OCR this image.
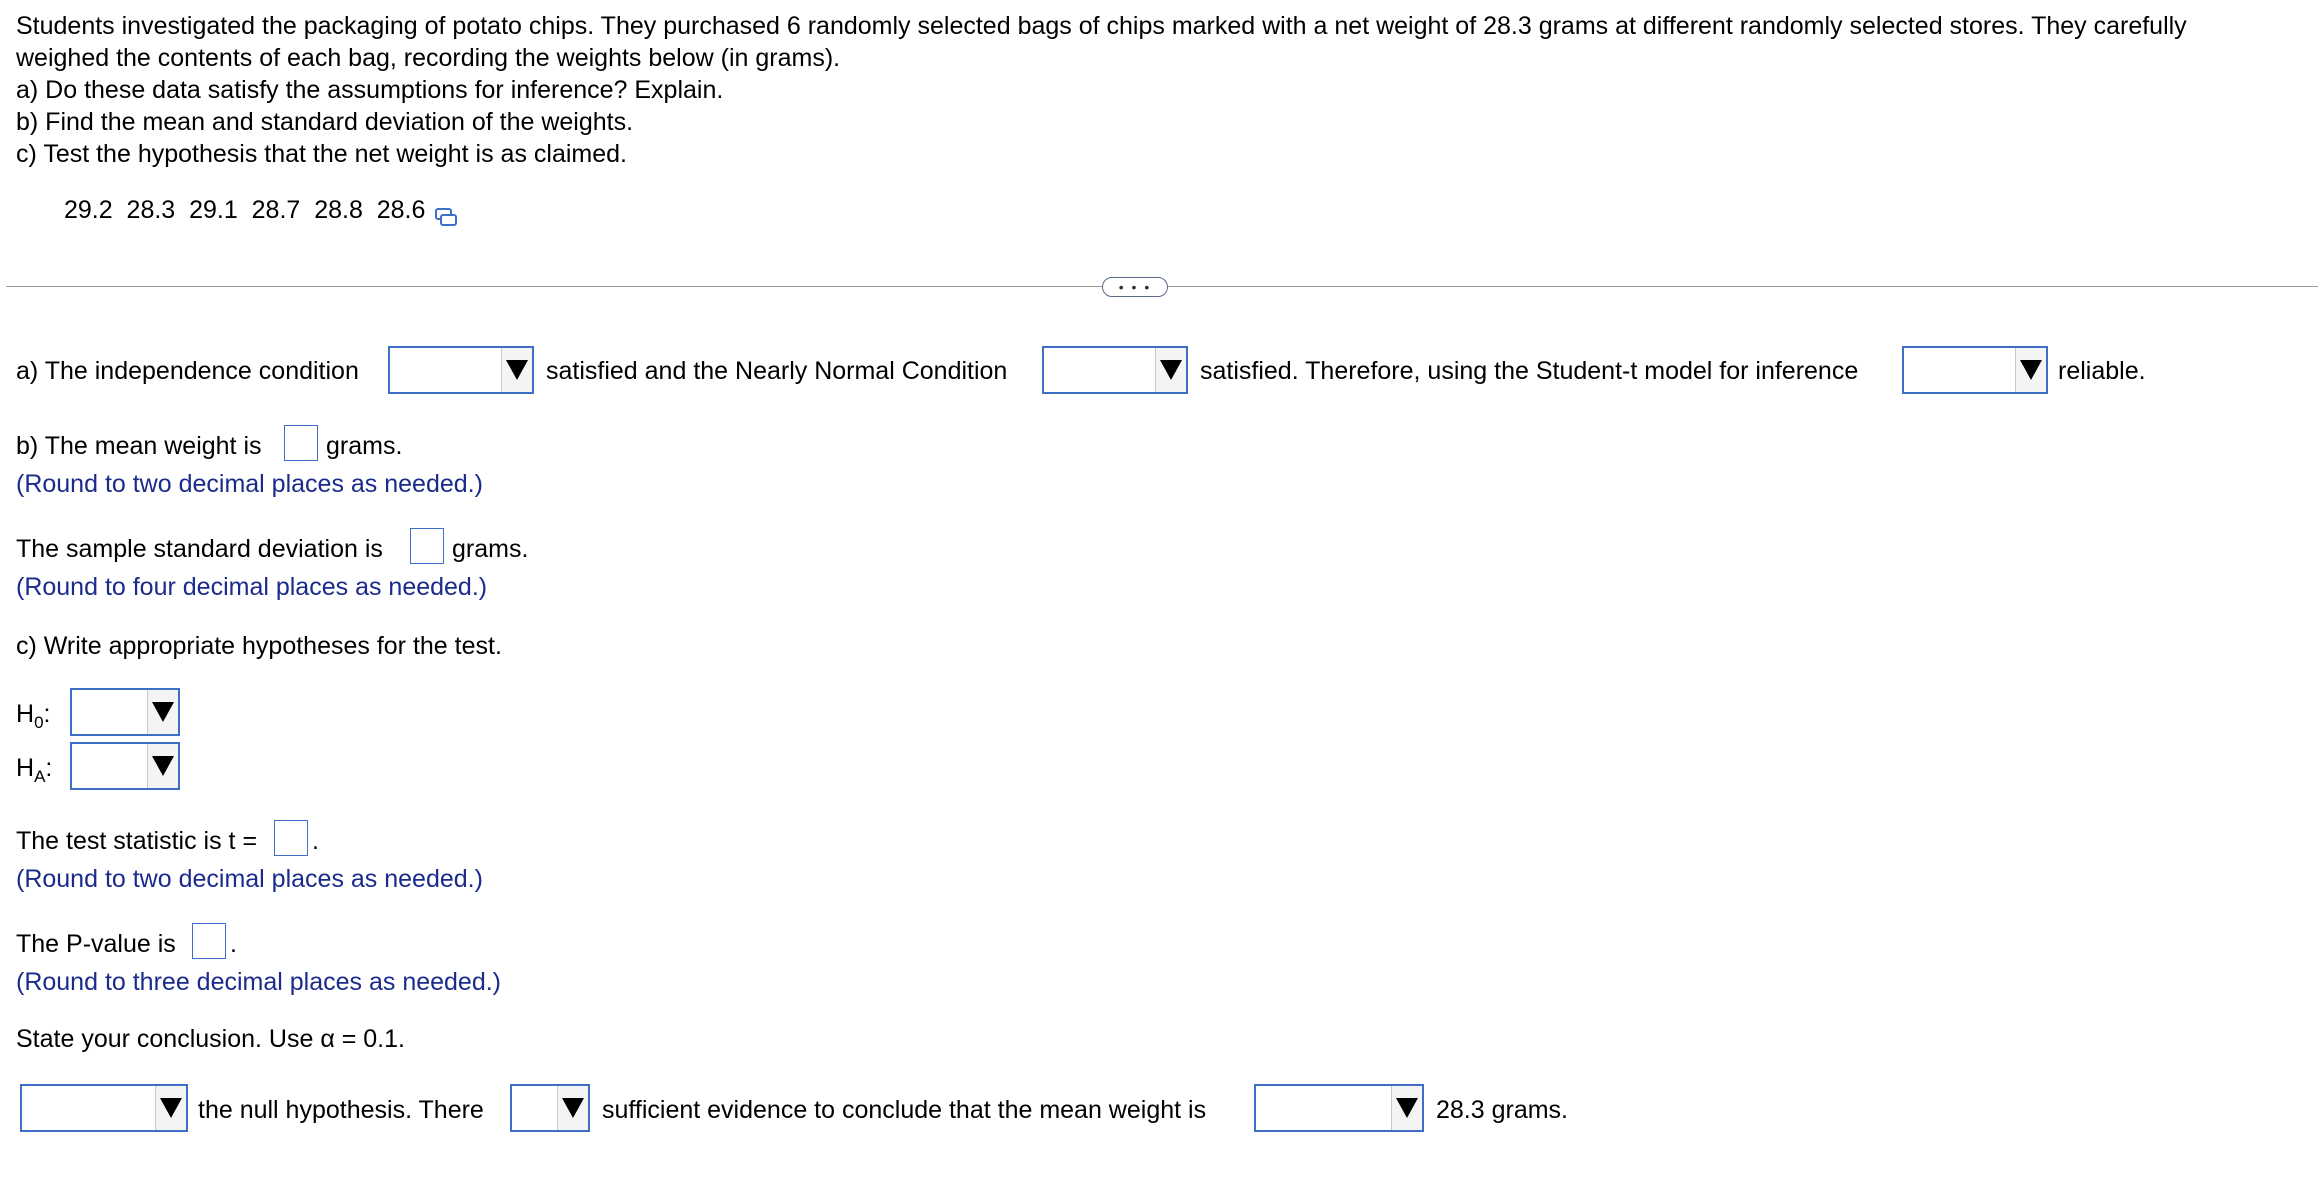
Students investigated the packaging of potato chips. They purchased 6 randomly selected bags of chips marked with a net weight of 28.3 grams at different randomly selected stores. They carefully
weighed the contents of each bag, recording the weights below (in grams).
a) Do these data satisfy the assumptions for inference? Explain.
b) Find the mean and standard deviation of the weights.
c) Test the hypothesis that the net weight is as claimed.
29.2  28.3  29.1  28.7  28.8  28.6
• • •
a) The independence condition	satisfied and the Nearly Normal Condition	satisfied. Therefore, using the Student-t model for inference	reliable.
b) The mean weight is	grams.
(Round to two decimal places as needed.)
The sample standard deviation is	grams.
(Round to four decimal places as needed.)
c) Write appropriate hypotheses for the test.
$H_0$:
$H_A$:
The test statistic is t = .
(Round to two decimal places as needed.)
The P-value is .
(Round to three decimal places as needed.)
State your conclusion. Use α = 0.1.
the null hypothesis. There	sufficient evidence to conclude that the mean weight is	28.3 grams.
